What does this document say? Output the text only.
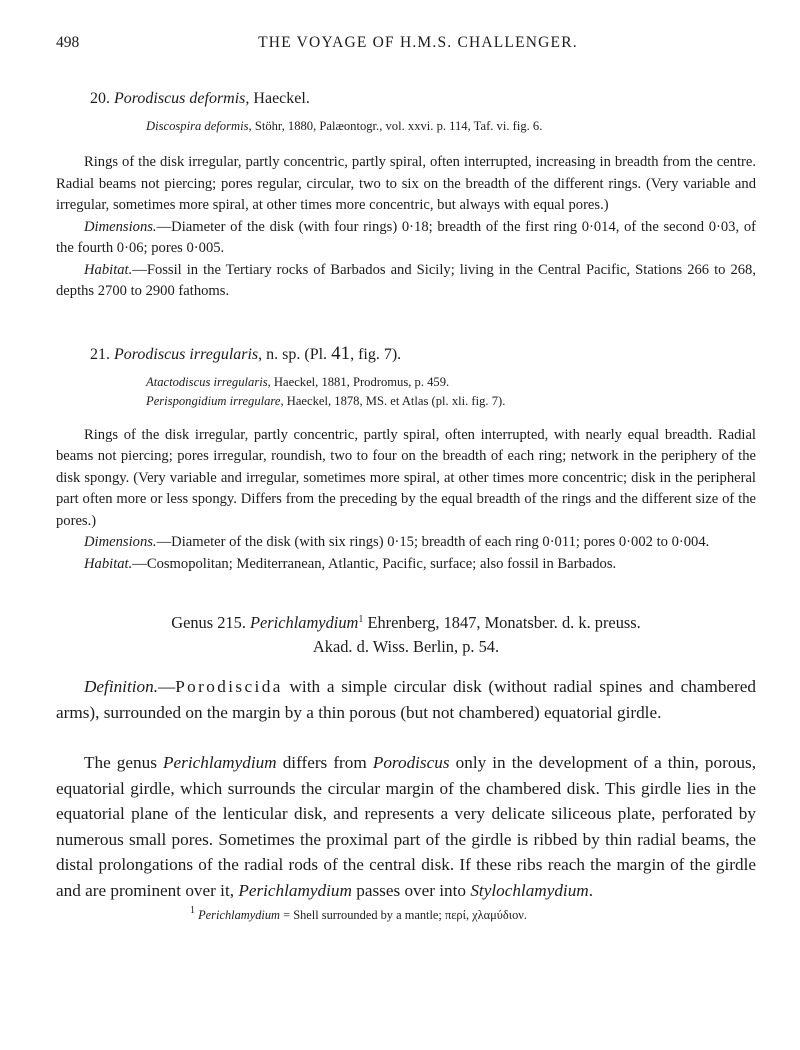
498	THE VOYAGE OF H.M.S. CHALLENGER.

20. Porodiscus deformis, Haeckel.

Discospira deformis, Stöhr, 1880, Palæontogr., vol. xxvi. p. 114, Taf. vi. fig. 6.

Rings of the disk irregular, partly concentric, partly spiral, often interrupted, increasing in breadth from the centre. Radial beams not piercing; pores regular, circular, two to six on the breadth of the different rings. (Very variable and irregular, sometimes more spiral, at other times more concentric, but always with equal pores.)

Dimensions.—Diameter of the disk (with four rings) 0·18; breadth of the first ring 0·014, of the second 0·03, of the fourth 0·06; pores 0·005.

Habitat.—Fossil in the Tertiary rocks of Barbados and Sicily; living in the Central Pacific, Stations 266 to 268, depths 2700 to 2900 fathoms.

21. Porodiscus irregularis, n. sp. (Pl. 41, fig. 7).

Atactodiscus irregularis, Haeckel, 1881, Prodromus, p. 459.

Perispongidium irregulare, Haeckel, 1878, MS. et Atlas (pl. xli. fig. 7).

Rings of the disk irregular, partly concentric, partly spiral, often interrupted, with nearly equal breadth. Radial beams not piercing; pores irregular, roundish, two to four on the breadth of each ring; network in the periphery of the disk spongy. (Very variable and irregular, sometimes more spiral, at other times more concentric; disk in the peripheral part often more or less spongy. Differs from the preceding by the equal breadth of the rings and the different size of the pores.)

Dimensions.—Diameter of the disk (with six rings) 0·15; breadth of each ring 0·011; pores 0·002 to 0·004.

Habitat.—Cosmopolitan; Mediterranean, Atlantic, Pacific, surface; also fossil in Barbados.

Genus 215. Perichlamydium$^1$ Ehrenberg, 1847, Monatsber. d. k. preuss.

Akad. d. Wiss. Berlin, p. 54.

Definition.—Porodiscida with a simple circular disk (without radial spines and chambered arms), surrounded on the margin by a thin porous (but not chambered) equatorial girdle.

The genus Perichlamydium differs from Porodiscus only in the development of a thin, porous, equatorial girdle, which surrounds the circular margin of the chambered disk. This girdle lies in the equatorial plane of the lenticular disk, and represents a very delicate siliceous plate, perforated by numerous small pores. Sometimes the proximal part of the girdle is ribbed by thin radial beams, the distal prolongations of the radial rods of the central disk. If these ribs reach the margin of the girdle and are prominent over it, Perichlamydium passes over into Stylochlamydium.

$^1$ Perichlamydium = Shell surrounded by a mantle; περί, χλαμύδιον.
